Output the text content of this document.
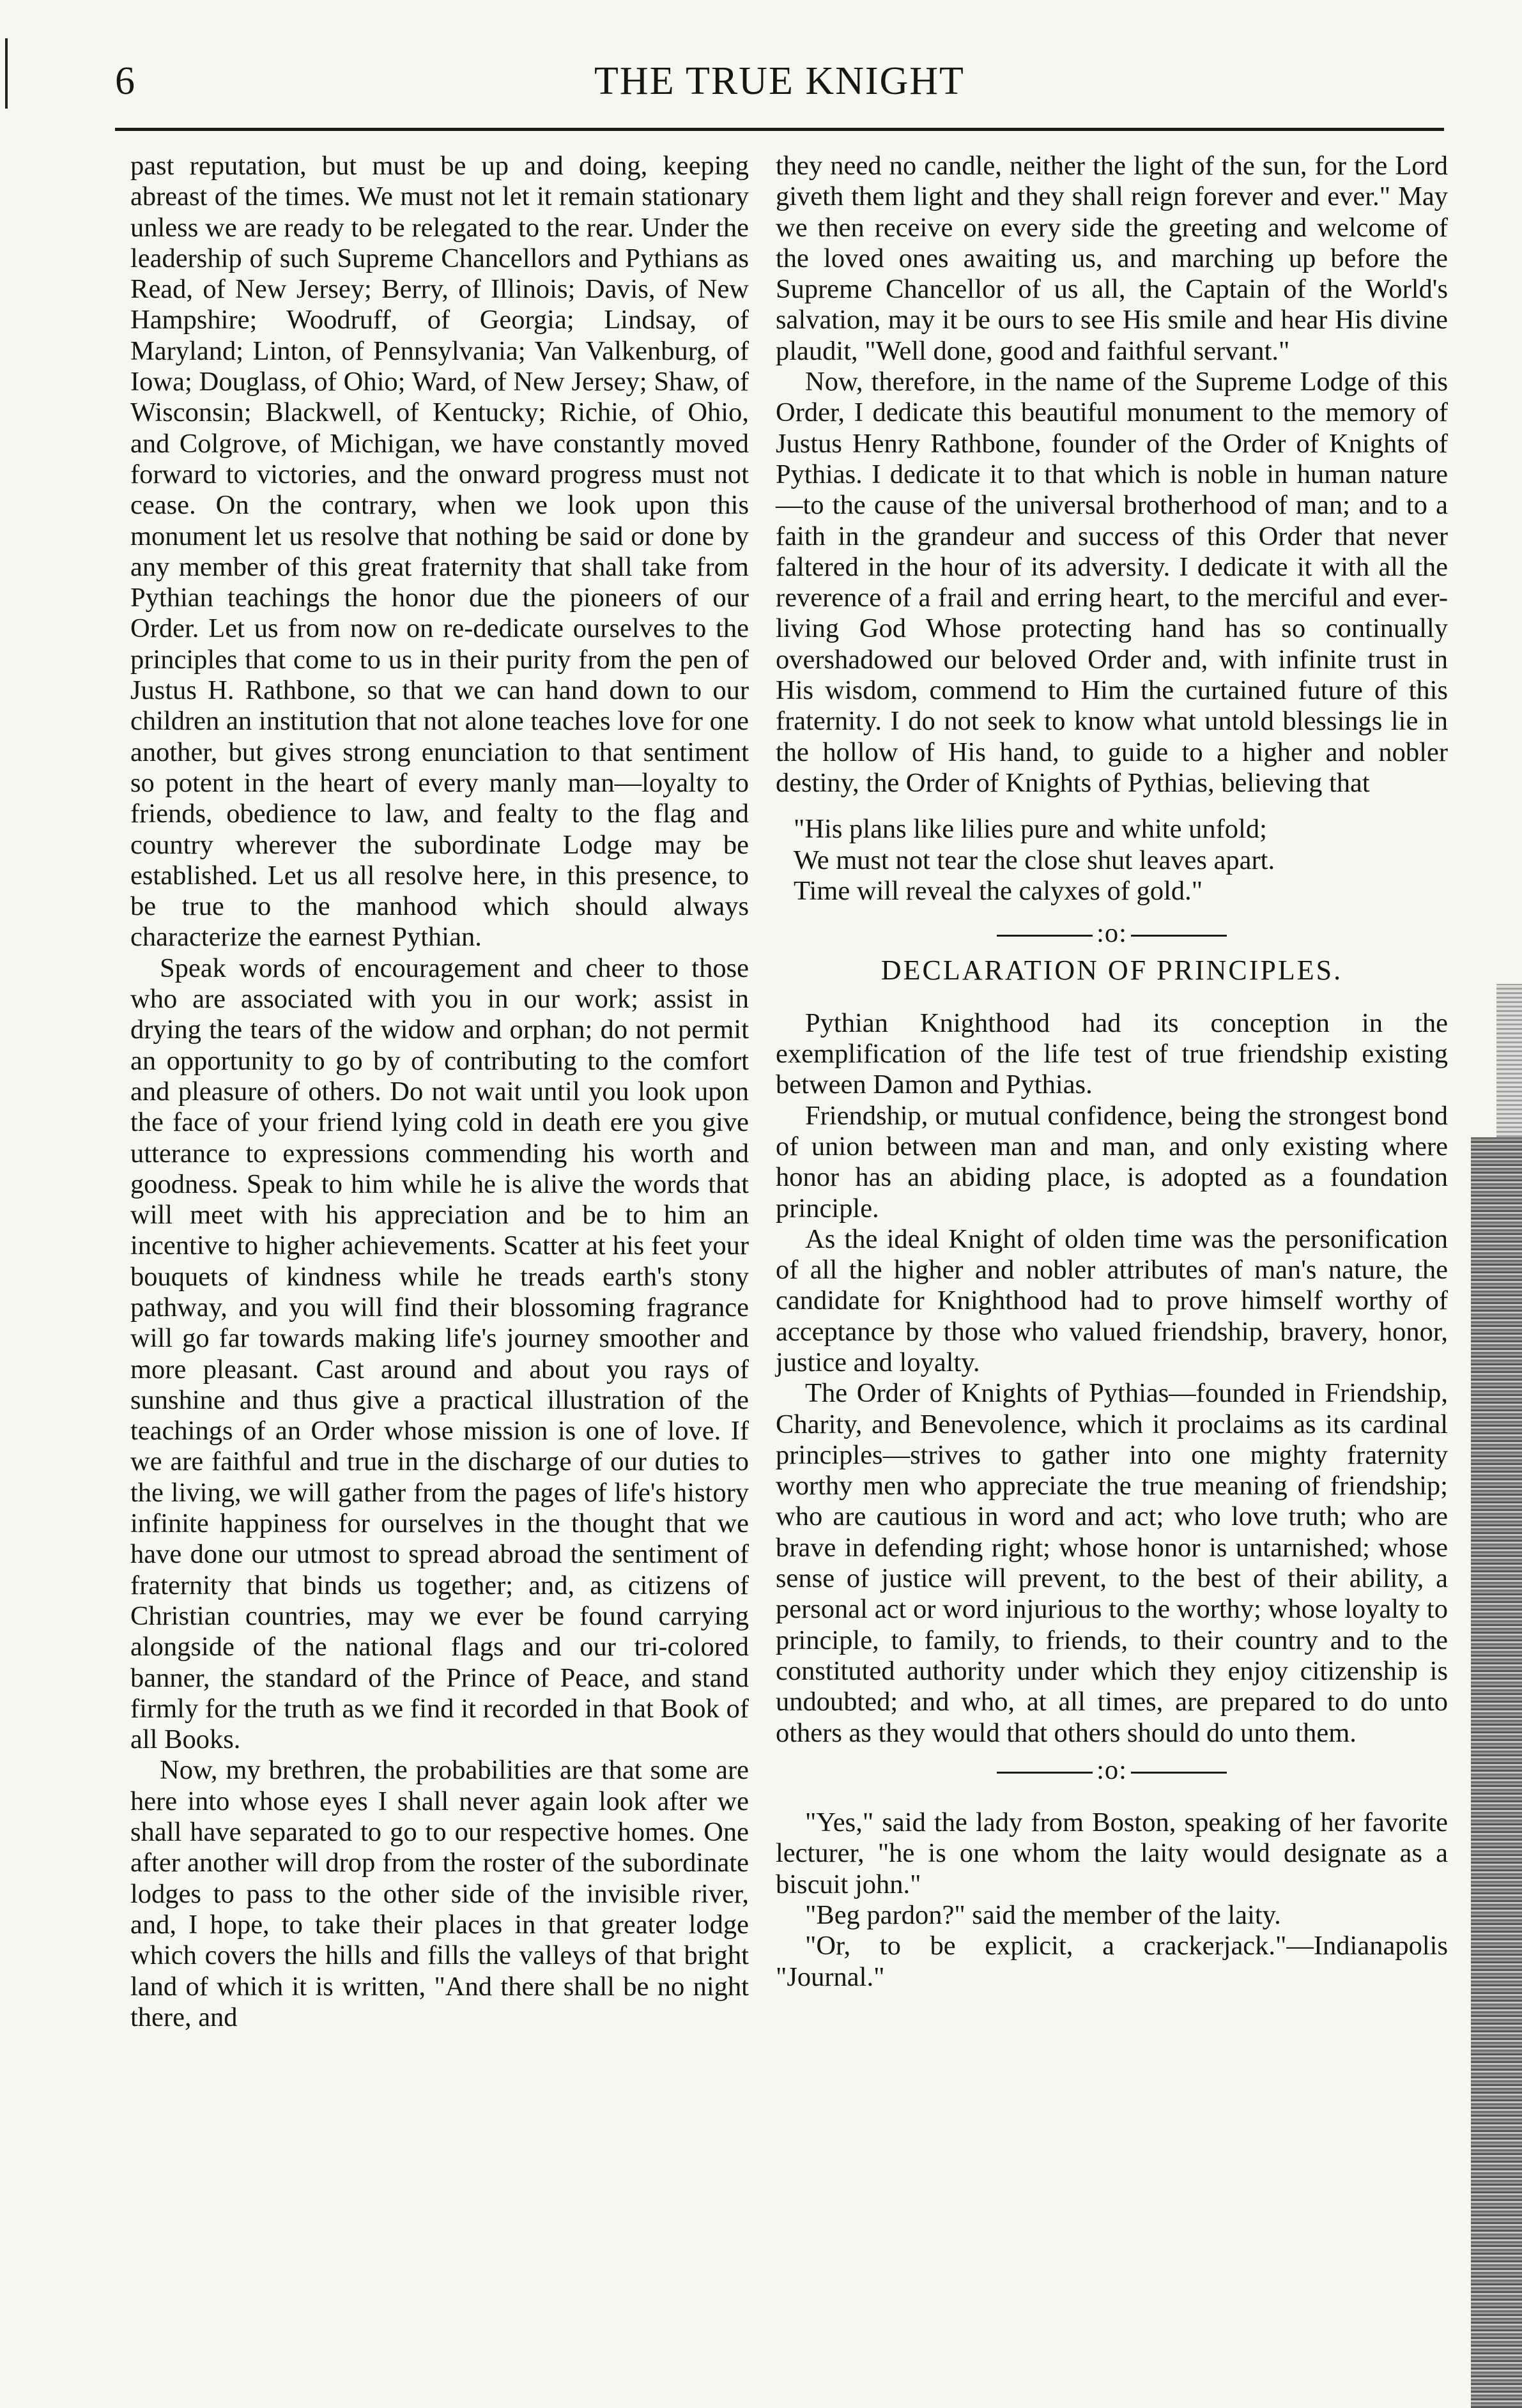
6	THE TRUE KNIGHT

past reputation, but must be up and doing, keeping abreast of the times. We must not let it remain stationary unless we are ready to be relegated to the rear. Under the leadership of such Supreme Chancellors and Pythians as Read, of New Jersey; Berry, of Illinois; Davis, of New Hampshire; Woodruff, of Georgia; Lindsay, of Maryland; Linton, of Pennsylvania; Van Valkenburg, of Iowa; Douglass, of Ohio; Ward, of New Jersey; Shaw, of Wisconsin; Blackwell, of Kentucky; Richie, of Ohio, and Colgrove, of Michigan, we have constantly moved forward to victories, and the onward progress must not cease. On the contrary, when we look upon this monument let us resolve that nothing be said or done by any member of this great fraternity that shall take from Pythian teachings the honor due the pioneers of our Order. Let us from now on re-dedicate ourselves to the principles that come to us in their purity from the pen of Justus H. Rathbone, so that we can hand down to our children an institution that not alone teaches love for one another, but gives strong enunciation to that sentiment so potent in the heart of every manly man—loyalty to friends, obedience to law, and fealty to the flag and country wherever the subordinate Lodge may be established. Let us all resolve here, in this presence, to be true to the manhood which should always characterize the earnest Pythian.

Speak words of encouragement and cheer to those who are associated with you in our work; assist in drying the tears of the widow and orphan; do not permit an opportunity to go by of contributing to the comfort and pleasure of others. Do not wait until you look upon the face of your friend lying cold in death ere you give utterance to expressions commending his worth and goodness. Speak to him while he is alive the words that will meet with his appreciation and be to him an incentive to higher achievements. Scatter at his feet your bouquets of kindness while he treads earth's stony pathway, and you will find their blossoming fragrance will go far towards making life's journey smoother and more pleasant. Cast around and about you rays of sunshine and thus give a practical illustration of the teachings of an Order whose mission is one of love. If we are faithful and true in the discharge of our duties to the living, we will gather from the pages of life's history infinite happiness for ourselves in the thought that we have done our utmost to spread abroad the sentiment of fraternity that binds us together; and, as citizens of Christian countries, may we ever be found carrying alongside of the national flags and our tri-colored banner, the standard of the Prince of Peace, and stand firmly for the truth as we find it recorded in that Book of all Books.

Now, my brethren, the probabilities are that some are here into whose eyes I shall never again look after we shall have separated to go to our respective homes. One after another will drop from the roster of the subordinate lodges to pass to the other side of the invisible river, and, I hope, to take their places in that greater lodge which covers the hills and fills the valleys of that bright land of which it is written, "And there shall be no night there, and

they need no candle, neither the light of the sun, for the Lord giveth them light and they shall reign forever and ever." May we then receive on every side the greeting and welcome of the loved ones awaiting us, and marching up before the Supreme Chancellor of us all, the Captain of the World's salvation, may it be ours to see His smile and hear His divine plaudit, "Well done, good and faithful servant."

Now, therefore, in the name of the Supreme Lodge of this Order, I dedicate this beautiful monument to the memory of Justus Henry Rathbone, founder of the Order of Knights of Pythias. I dedicate it to that which is noble in human nature—to the cause of the universal brotherhood of man; and to a faith in the grandeur and success of this Order that never faltered in the hour of its adversity. I dedicate it with all the reverence of a frail and erring heart, to the merciful and ever-living God Whose protecting hand has so continually overshadowed our beloved Order and, with infinite trust in His wisdom, commend to Him the curtained future of this fraternity. I do not seek to know what untold blessings lie in the hollow of His hand, to guide to a higher and nobler destiny, the Order of Knights of Pythias, believing that

"His plans like lilies pure and white unfold;
We must not tear the close shut leaves apart.
Time will reveal the calyxes of gold."
:o:
DECLARATION OF PRINCIPLES.

Pythian Knighthood had its conception in the exemplification of the life test of true friendship existing between Damon and Pythias.

Friendship, or mutual confidence, being the strongest bond of union between man and man, and only existing where honor has an abiding place, is adopted as a foundation principle.

As the ideal Knight of olden time was the personification of all the higher and nobler attributes of man's nature, the candidate for Knighthood had to prove himself worthy of acceptance by those who valued friendship, bravery, honor, justice and loyalty.

The Order of Knights of Pythias—founded in Friendship, Charity, and Benevolence, which it proclaims as its cardinal principles—strives to gather into one mighty fraternity worthy men who appreciate the true meaning of friendship; who are cautious in word and act; who love truth; who are brave in defending right; whose honor is untarnished; whose sense of justice will prevent, to the best of their ability, a personal act or word injurious to the worthy; whose loyalty to principle, to family, to friends, to their country and to the constituted authority under which they enjoy citizenship is undoubted; and who, at all times, are prepared to do unto others as they would that others should do unto them.

:o:

"Yes," said the lady from Boston, speaking of her favorite lecturer, "he is one whom the laity would designate as a biscuit john."

"Beg pardon?" said the member of the laity.

"Or, to be explicit, a crackerjack."—Indianapolis "Journal."
